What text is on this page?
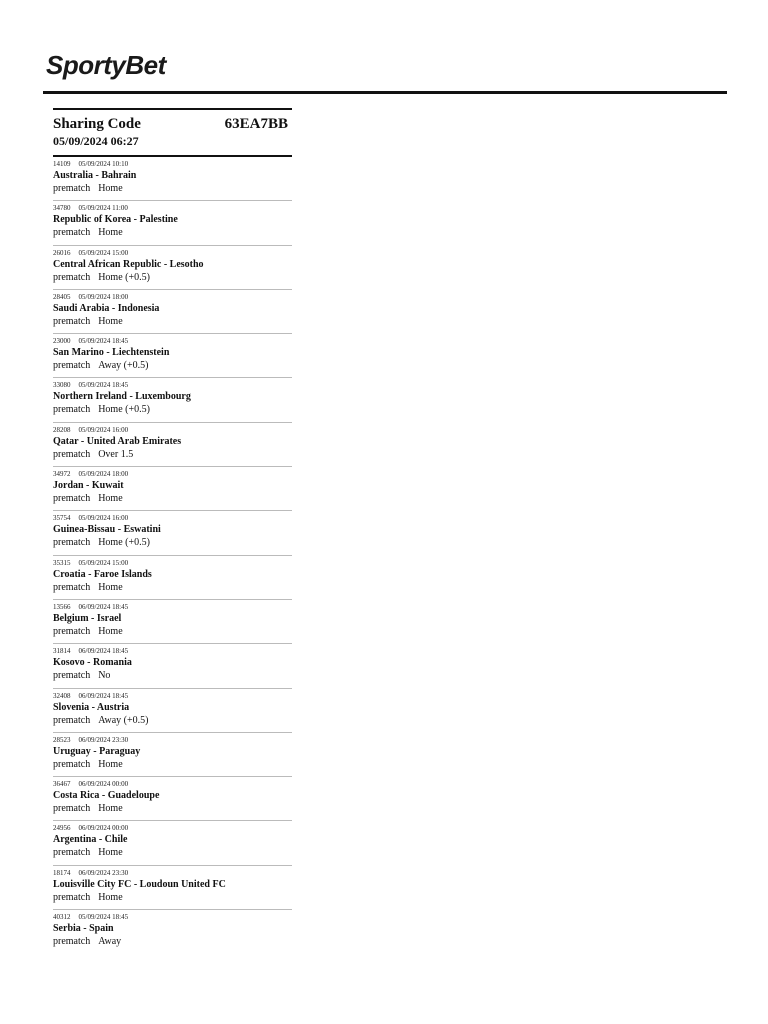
SportyBet
Sharing Code	63EA7BB
05/09/2024 06:27
14109 05/09/2024 10:10
Australia - Bahrain
prematch Home
34780 05/09/2024 11:00
Republic of Korea - Palestine
prematch Home
26016 05/09/2024 15:00
Central African Republic - Lesotho
prematch Home (+0.5)
28405 05/09/2024 18:00
Saudi Arabia - Indonesia
prematch Home
23000 05/09/2024 18:45
San Marino - Liechtenstein
prematch Away (+0.5)
33080 05/09/2024 18:45
Northern Ireland - Luxembourg
prematch Home (+0.5)
28208 05/09/2024 16:00
Qatar - United Arab Emirates
prematch Over 1.5
34972 05/09/2024 18:00
Jordan - Kuwait
prematch Home
35754 05/09/2024 16:00
Guinea-Bissau - Eswatini
prematch Home (+0.5)
35315 05/09/2024 15:00
Croatia - Faroe Islands
prematch Home
13566 06/09/2024 18:45
Belgium - Israel
prematch Home
31814 06/09/2024 18:45
Kosovo - Romania
prematch No
32408 06/09/2024 18:45
Slovenia - Austria
prematch Away (+0.5)
28523 06/09/2024 23:30
Uruguay - Paraguay
prematch Home
36467 06/09/2024 00:00
Costa Rica - Guadeloupe
prematch Home
24956 06/09/2024 00:00
Argentina - Chile
prematch Home
18174 06/09/2024 23:30
Louisville City FC - Loudoun United FC
prematch Home
40312 05/09/2024 18:45
Serbia - Spain
prematch Away
